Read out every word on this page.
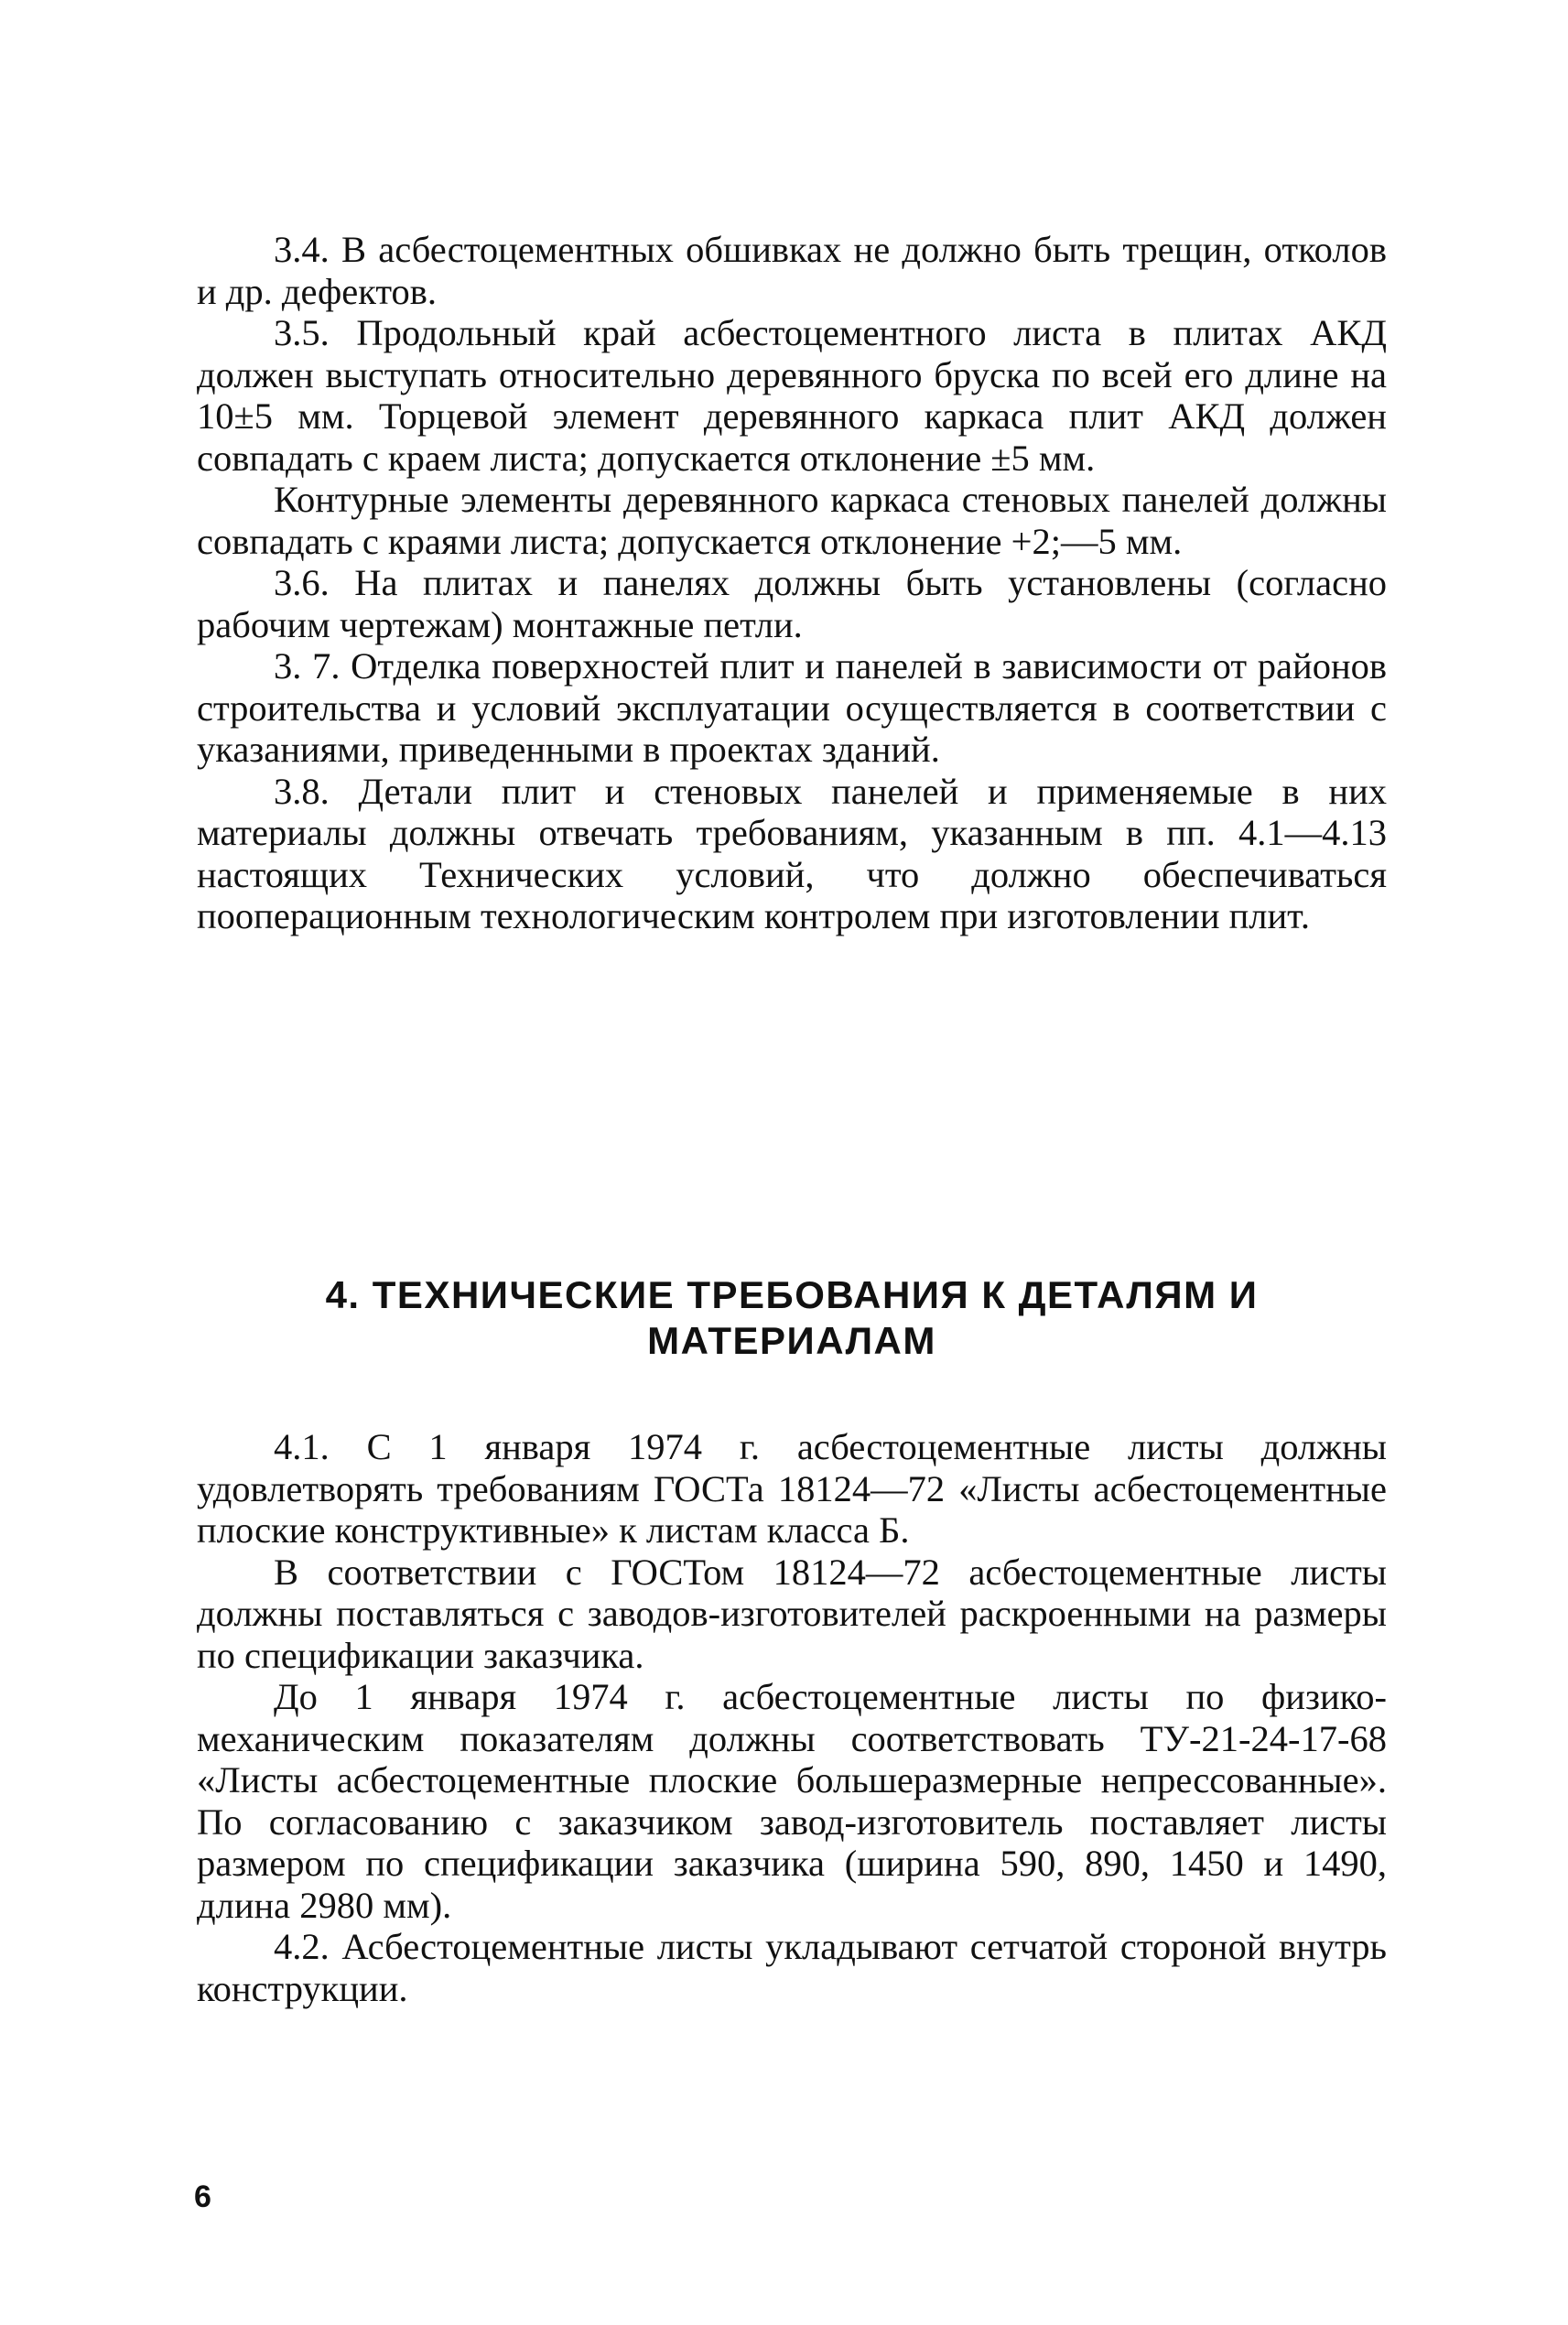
3.4. В асбестоцементных обшивках не должно быть трещин, отколов и др. дефектов.

3.5. Продольный край асбестоцементного листа в плитах АКД должен выступать относительно деревянного бруска по всей его длине на 10±5 мм. Торцевой элемент деревянного каркаса плит АКД должен совпадать с краем листа; допускается отклонение ±5 мм.

Контурные элементы деревянного каркаса стеновых панелей должны совпадать с краями листа; допускается отклонение +2;—5 мм.

3.6. На плитах и панелях должны быть установлены (согласно рабочим чертежам) монтажные петли.

3. 7. Отделка поверхностей плит и панелей в зависимости от районов строительства и условий эксплуатации осуществляется в соответствии с указаниями, приведенными в проектах зданий.

3.8. Детали плит и стеновых панелей и применяемые в них материалы должны отвечать требованиям, указанным в пп. 4.1—4.13 настоящих Технических условий, что должно обеспечиваться пооперационным технологическим контролем при изготовлении плит.

4. ТЕХНИЧЕСКИЕ ТРЕБОВАНИЯ К ДЕТАЛЯМ И МАТЕРИАЛАМ

4.1. С 1 января 1974 г. асбестоцементные листы должны удовлетворять требованиям ГОСТа 18124—72 «Листы асбестоцементные плоские конструктивные» к листам класса Б.

В соответствии с ГОСТом 18124—72 асбестоцементные листы должны поставляться с заводов-изготовителей раскроенными на размеры по спецификации заказчика.

До 1 января 1974 г. асбестоцементные листы по физико-механическим показателям должны соответствовать ТУ-21-24-17-68 «Листы асбестоцементные плоские большеразмерные непрессованные». По согласованию с заказчиком завод-изготовитель поставляет листы размером по спецификации заказчика (ширина 590, 890, 1450 и 1490, длина 2980 мм).

4.2. Асбестоцементные листы укладывают сетчатой стороной внутрь конструкции.

6
